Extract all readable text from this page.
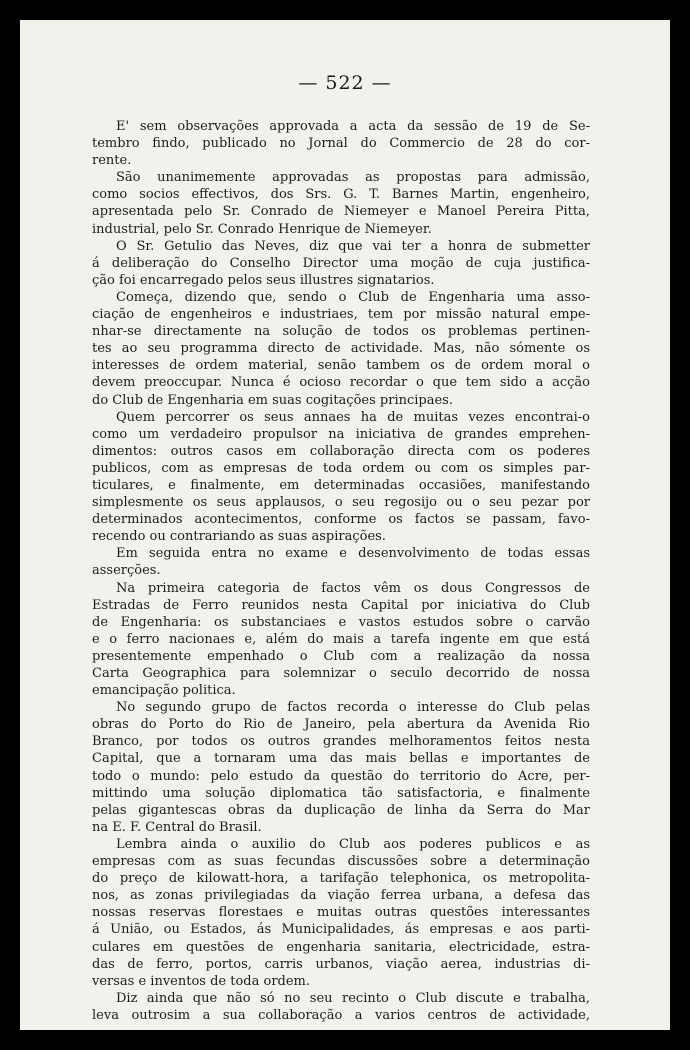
— 522 —
E' sem observações approvada a acta da sessão de 19 de Se-
tembro findo, publicado no Jornal do Commercio de 28 do cor-
rente.
São unanimemente approvadas as propostas para admissão,
como socios effectivos, dos Srs. G. T. Barnes Martin, engenheiro,
apresentada pelo Sr. Conrado de Niemeyer e Manoel Pereira Pitta,
industrial, pelo Sr. Conrado Henrique de Niemeyer.
O Sr. Getulio das Neves, diz que vai ter a honra de submetter
á deliberação do Conselho Director uma moção de cuja justifica-
ção foi encarregado pelos seus illustres signatarios.
Começa, dizendo que, sendo o Club de Engenharia uma asso-
ciação de engenheiros e industriaes, tem por missão natural empe-
nhar-se directamente na solução de todos os problemas pertinen-
tes ao seu programma directo de actividade. Mas, não sómente os
interesses de ordem material, senão tambem os de ordem moral o
devem preoccupar. Nunca é ocioso recordar o que tem sido a acção
do Club de Engenharia em suas cogitações principaes.
Quem percorrer os seus annaes ha de muitas vezes encontrai-o
como um verdadeiro propulsor na iniciativa de grandes emprehen-
dimentos: outros casos em collaboração directa com os poderes
publicos, com as empresas de toda ordem ou com os simples par-
ticulares, e finalmente, em determinadas occasiões, manifestando
simplesmente os seus applausos, o seu regosijo ou o seu pezar por
determinados acontecimentos, conforme os factos se passam, favo-
recendo ou contrariando as suas aspirações.
Em seguida entra no exame e desenvolvimento de todas essas
asserções.
Na primeira categoria de factos vêm os dous Congressos de
Estradas de Ferro reunidos nesta Capital por iniciativa do Club
de Engenharia: os substanciaes e vastos estudos sobre o carvão
e o ferro nacionaes e, além do mais a tarefa ingente em que está
presentemente empenhado o Club com a realização da nossa
Carta Geographica para solemnizar o seculo decorrido de nossa
emancipação politica.
No segundo grupo de factos recorda o interesse do Club pelas
obras do Porto do Rio de Janeiro, pela abertura da Avenida Rio
Branco, por todos os outros grandes melhoramentos feitos nesta
Capital, que a tornaram uma das mais bellas e importantes de
todo o mundo: pelo estudo da questão do territorio do Acre, per-
mittindo uma solução diplomatica tão satisfactoria, e finalmente
pelas gigantescas obras da duplicação de linha da Serra do Mar
na E. F. Central do Brasil.
Lembra ainda o auxilio do Club aos poderes publicos e as
empresas com as suas fecundas discussões sobre a determinação
do preço de kilowatt-hora, a tarifação telephonica, os metropolita-
nos, as zonas privilegiadas da viação ferrea urbana, a defesa das
nossas reservas florestaes e muitas outras questões interessantes
á União, ou Estados, ás Municipalidades, ás empresas e aos parti-
culares em questões de engenharia sanitaria, electricidade, estra-
das de ferro, portos, carris urbanos, viação aerea, industrias di-
versas e inventos de toda ordem.
Diz ainda que não só no seu recinto o Club discute e trabalha,
leva outrosim a sua collaboração a varios centros de actividade,
